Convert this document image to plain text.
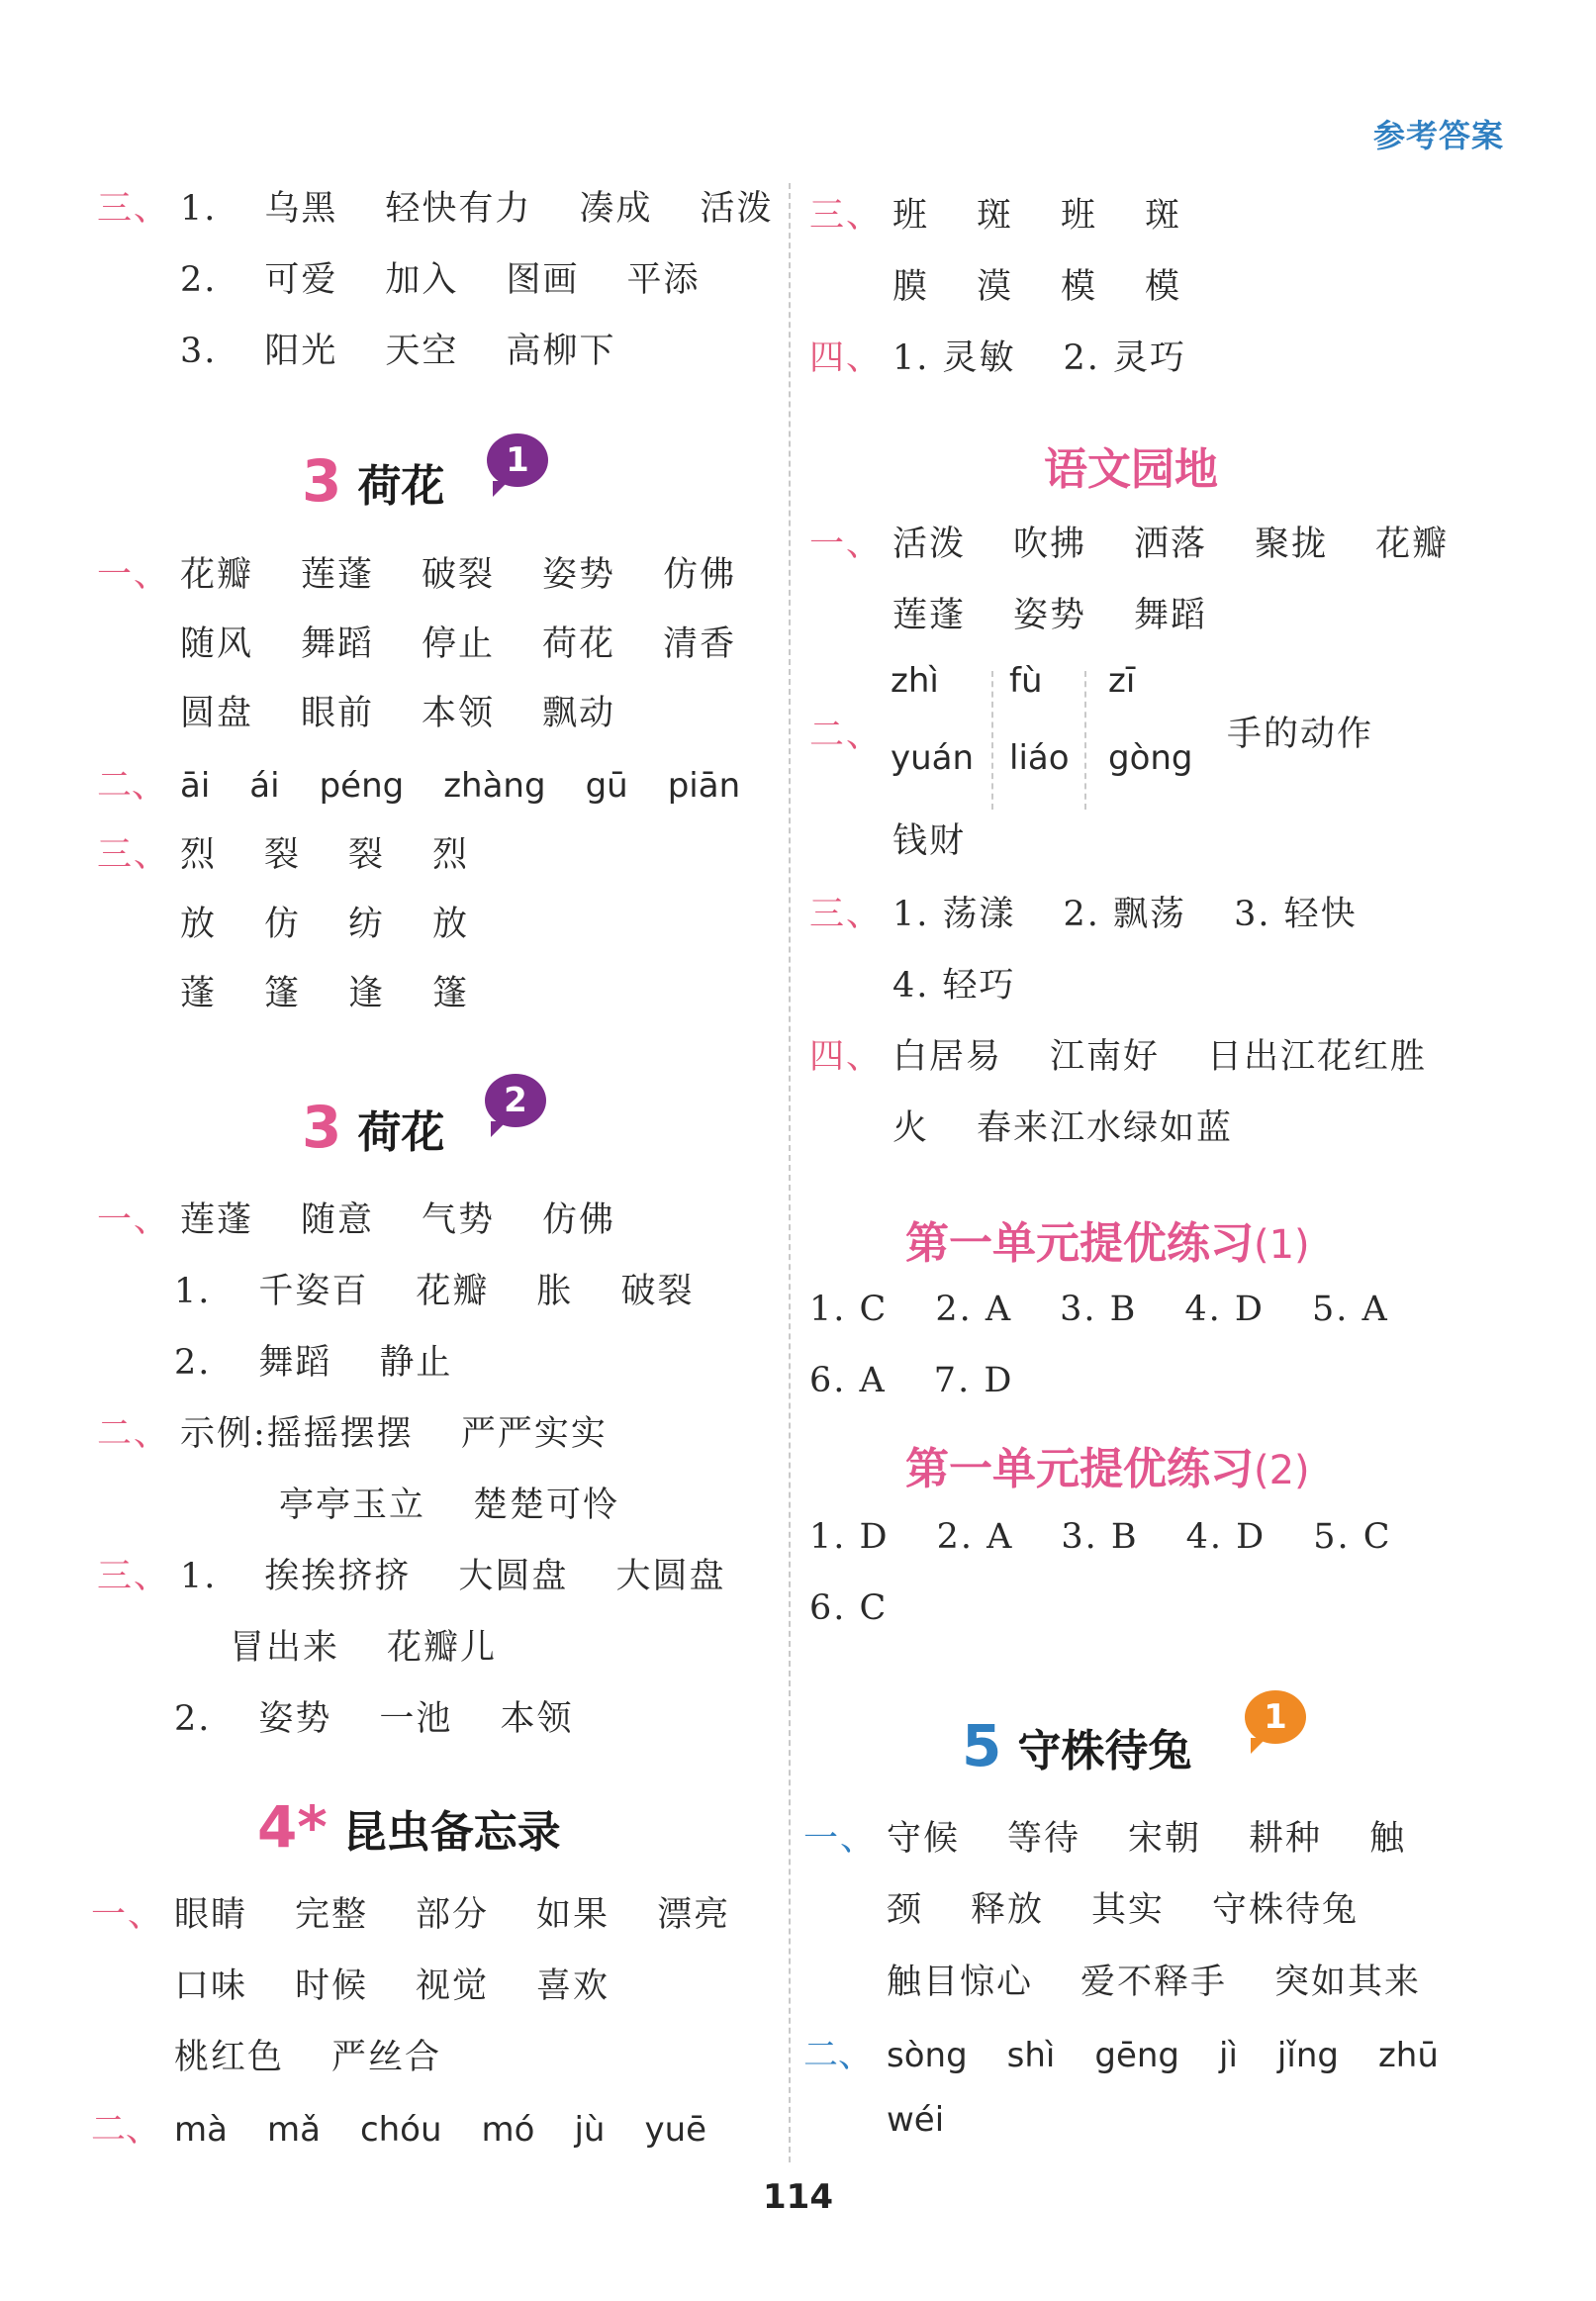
参考答案
三、 1. 乌黑 轻快有力 凑成 活泼
2. 可爱 加入 图画 平添
3. 阳光 天空 高柳下
3 荷花
1
一、 花瓣 莲蓬 破裂 姿势 仿佛
随风 舞蹈 停止 荷花 清香
圆盘 眼前 本领 飘动
二、 āi ái péng zhàng gū piān
三、 烈 裂 裂 烈
放 仿 纺 放
蓬 篷 逢 篷
3 荷花
2
一、 莲蓬 随意 气势 仿佛
1. 千姿百 花瓣 胀 破裂
2. 舞蹈 静止
二、 示例:摇摇摆摆 严严实实
亭亭玉立 楚楚可怜
三、 1. 挨挨挤挤 大圆盘 大圆盘
冒出来 花瓣儿
2. 姿势 一池 本领
4* 昆虫备忘录
一、 眼睛 完整 部分 如果 漂亮
口味 时候 视觉 喜欢
桃红色 严丝合
二、 mà mǎ chóu mó jù yuē
三、 班 斑 班 斑
膜 漠 模 模
四、 1. 灵敏 2. 灵巧
语文园地
一、 活泼 吹拂 洒落 聚拢 花瓣
莲蓬 姿势 舞蹈
二、
zhì
yuán
fù
liáo
zī
gòng
手的动作
钱财
三、 1. 荡漾 2. 飘荡 3. 轻快
4. 轻巧
四、 白居易 江南好 日出江花红胜
火 春来江水绿如蓝
第一单元提优练习(1)
1. C 2. A 3. B 4. D 5. A
6. A 7. D
第一单元提优练习(2)
1. D 2. A 3. B 4. D 5. C
6. C
5 守株待兔
1
一、 守候 等待 宋朝 耕种 触
颈 释放 其实 守株待兔
触目惊心 爱不释手 突如其来
二、 sòng shì gēng jì jǐng zhū
wéi
114
